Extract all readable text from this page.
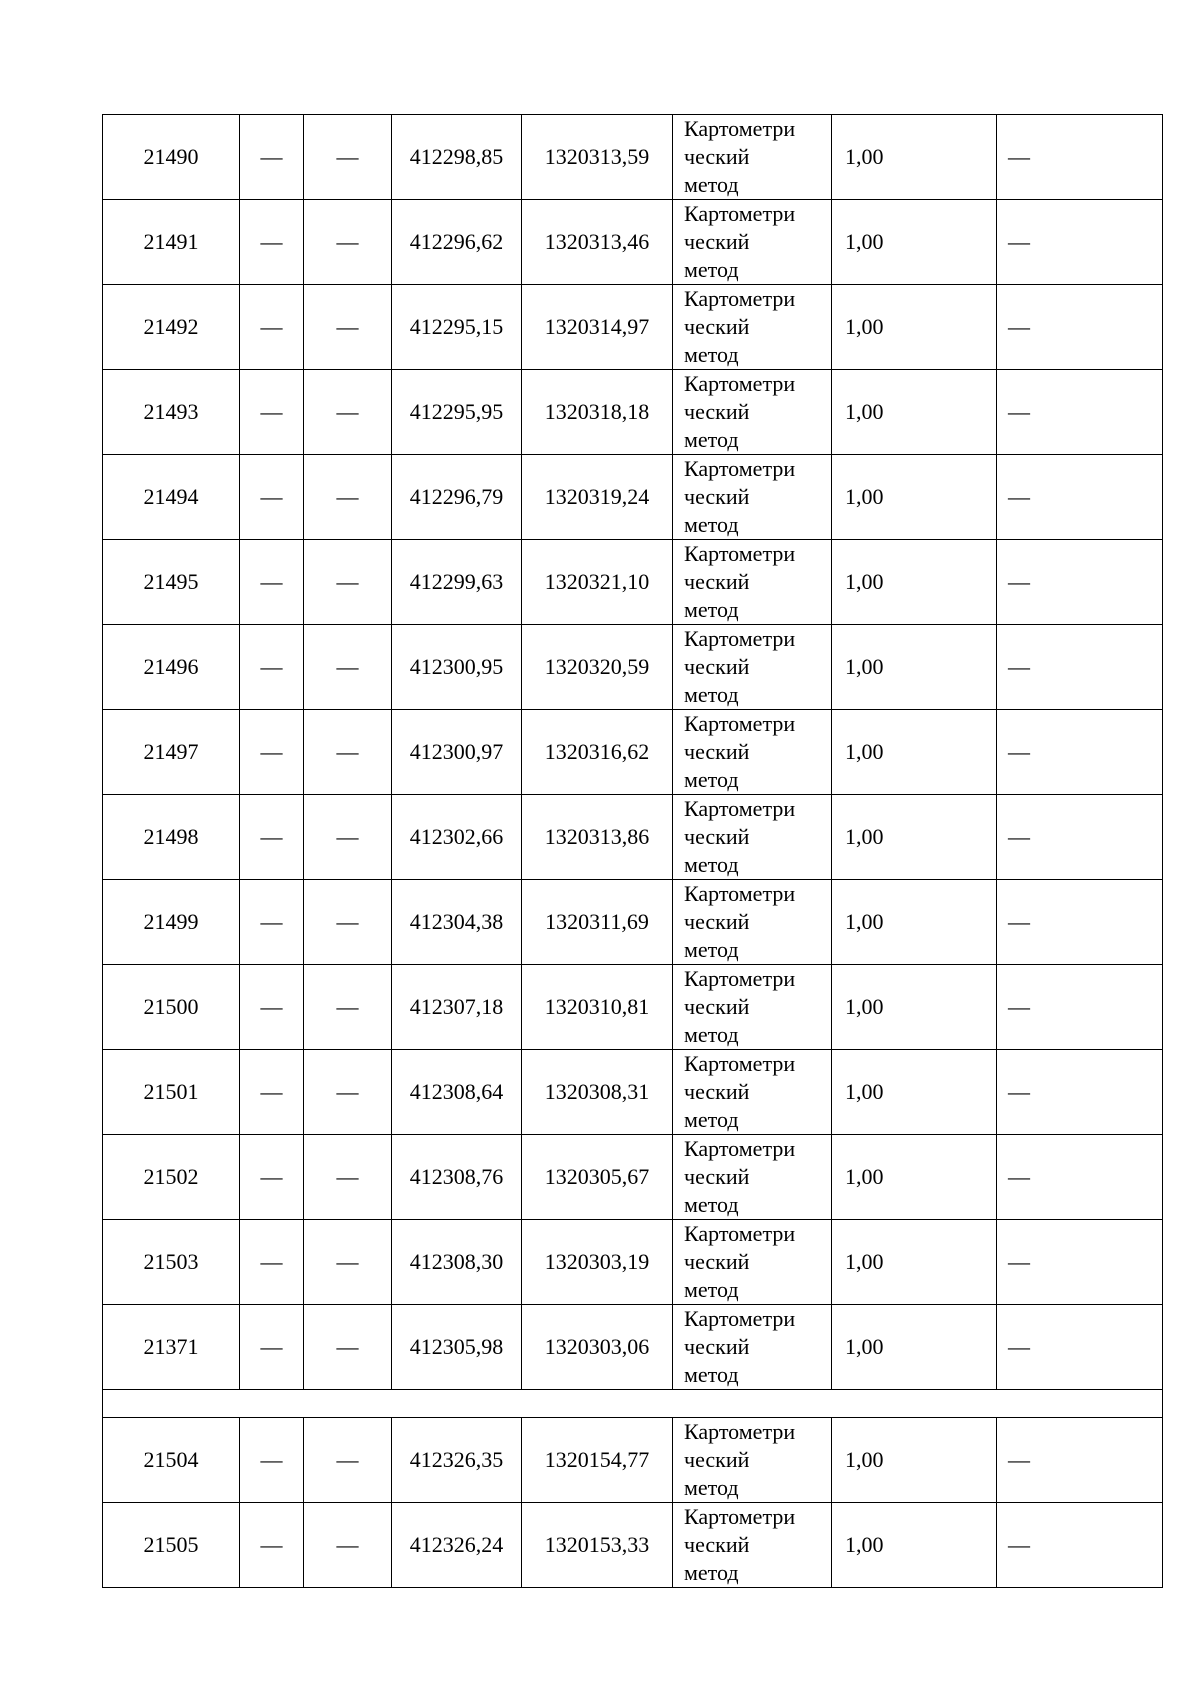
21490	—	—	412298,85	1320313,59	Картометри
ческий
метод	1,00	—
21491	—	—	412296,62	1320313,46	Картометри
ческий
метод	1,00	—
21492	—	—	412295,15	1320314,97	Картометри
ческий
метод	1,00	—
21493	—	—	412295,95	1320318,18	Картометри
ческий
метод	1,00	—
21494	—	—	412296,79	1320319,24	Картометри
ческий
метод	1,00	—
21495	—	—	412299,63	1320321,10	Картометри
ческий
метод	1,00	—
21496	—	—	412300,95	1320320,59	Картометри
ческий
метод	1,00	—
21497	—	—	412300,97	1320316,62	Картометри
ческий
метод	1,00	—
21498	—	—	412302,66	1320313,86	Картометри
ческий
метод	1,00	—
21499	—	—	412304,38	1320311,69	Картометри
ческий
метод	1,00	—
21500	—	—	412307,18	1320310,81	Картометри
ческий
метод	1,00	—
21501	—	—	412308,64	1320308,31	Картометри
ческий
метод	1,00	—
21502	—	—	412308,76	1320305,67	Картометри
ческий
метод	1,00	—
21503	—	—	412308,30	1320303,19	Картометри
ческий
метод	1,00	—
21371	—	—	412305,98	1320303,06	Картометри
ческий
метод	1,00	—

21504	—	—	412326,35	1320154,77	Картометри
ческий
метод	1,00	—
21505	—	—	412326,24	1320153,33	Картометри
ческий
метод	1,00	—
